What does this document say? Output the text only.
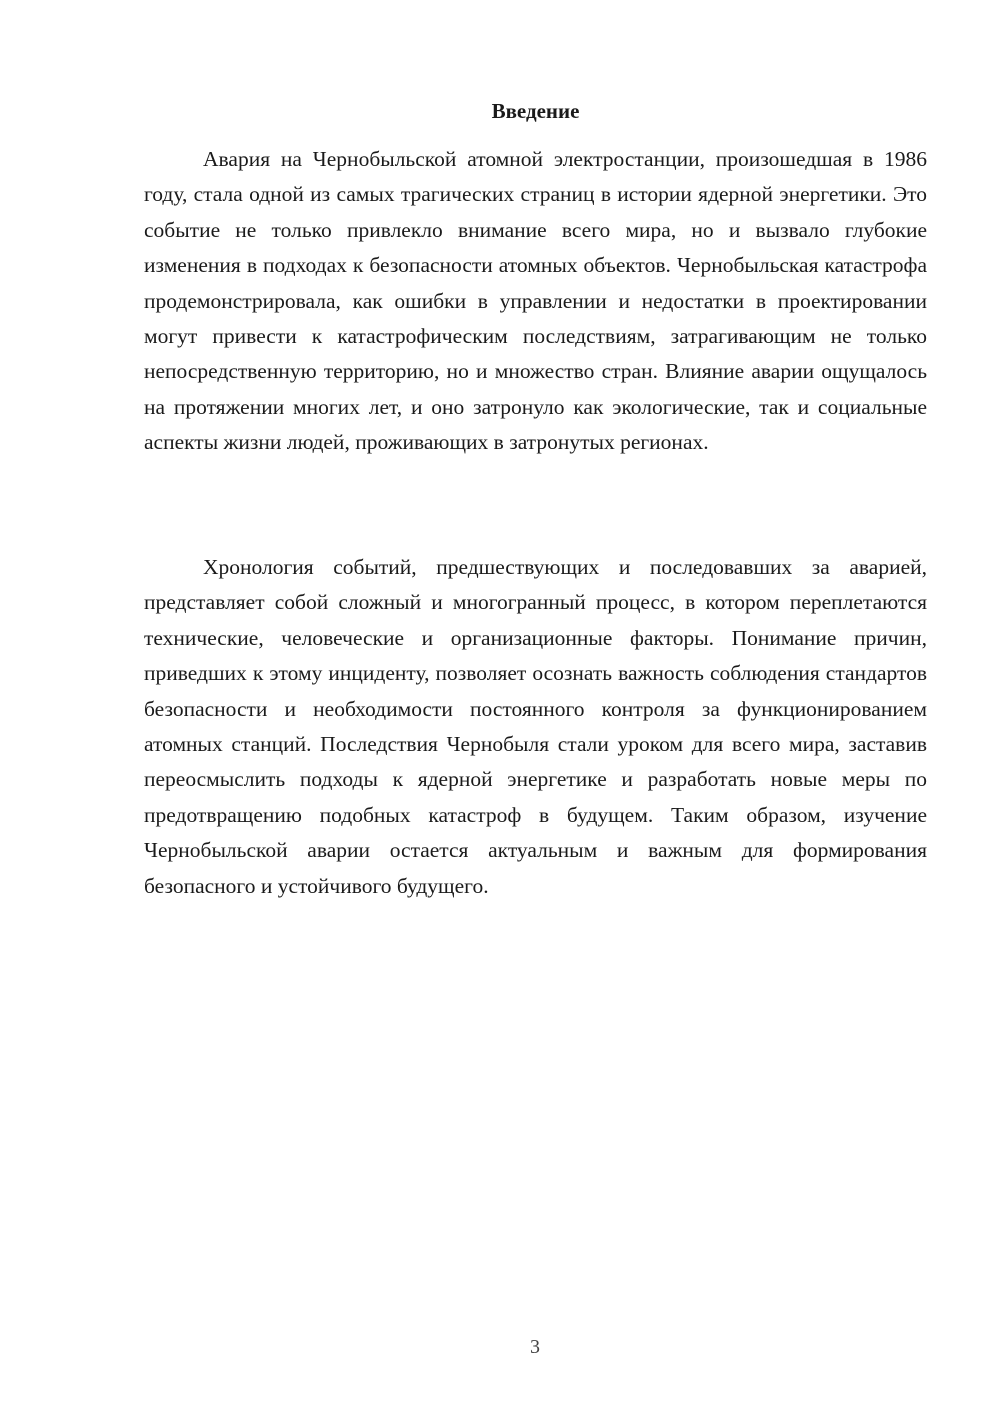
Введение

Авария на Чернобыльской атомной электростанции, произошедшая в 1986 году, стала одной из самых трагических страниц в истории ядерной энергетики. Это событие не только привлекло внимание всего мира, но и вызвало глубокие изменения в подходах к безопасности атомных объектов. Чернобыльская катастрофа продемонстрировала, как ошибки в управлении и недостатки в проектировании могут привести к катастрофическим последствиям, затрагивающим не только непосредственную территорию, но и множество стран. Влияние аварии ощущалось на протяжении многих лет, и оно затронуло как экологические, так и социальные аспекты жизни людей, проживающих в затронутых регионах.

Хронология событий, предшествующих и последовавших за аварией, представляет собой сложный и многогранный процесс, в котором переплетаются технические, человеческие и организационные факторы. Понимание причин, приведших к этому инциденту, позволяет осознать важность соблюдения стандартов безопасности и необходимости постоянного контроля за функционированием атомных станций. Последствия Чернобыля стали уроком для всего мира, заставив переосмыслить подходы к ядерной энергетике и разработать новые меры по предотвращению подобных катастроф в будущем. Таким образом, изучение Чернобыльской аварии остается актуальным и важным для формирования безопасного и устойчивого будущего.

3
